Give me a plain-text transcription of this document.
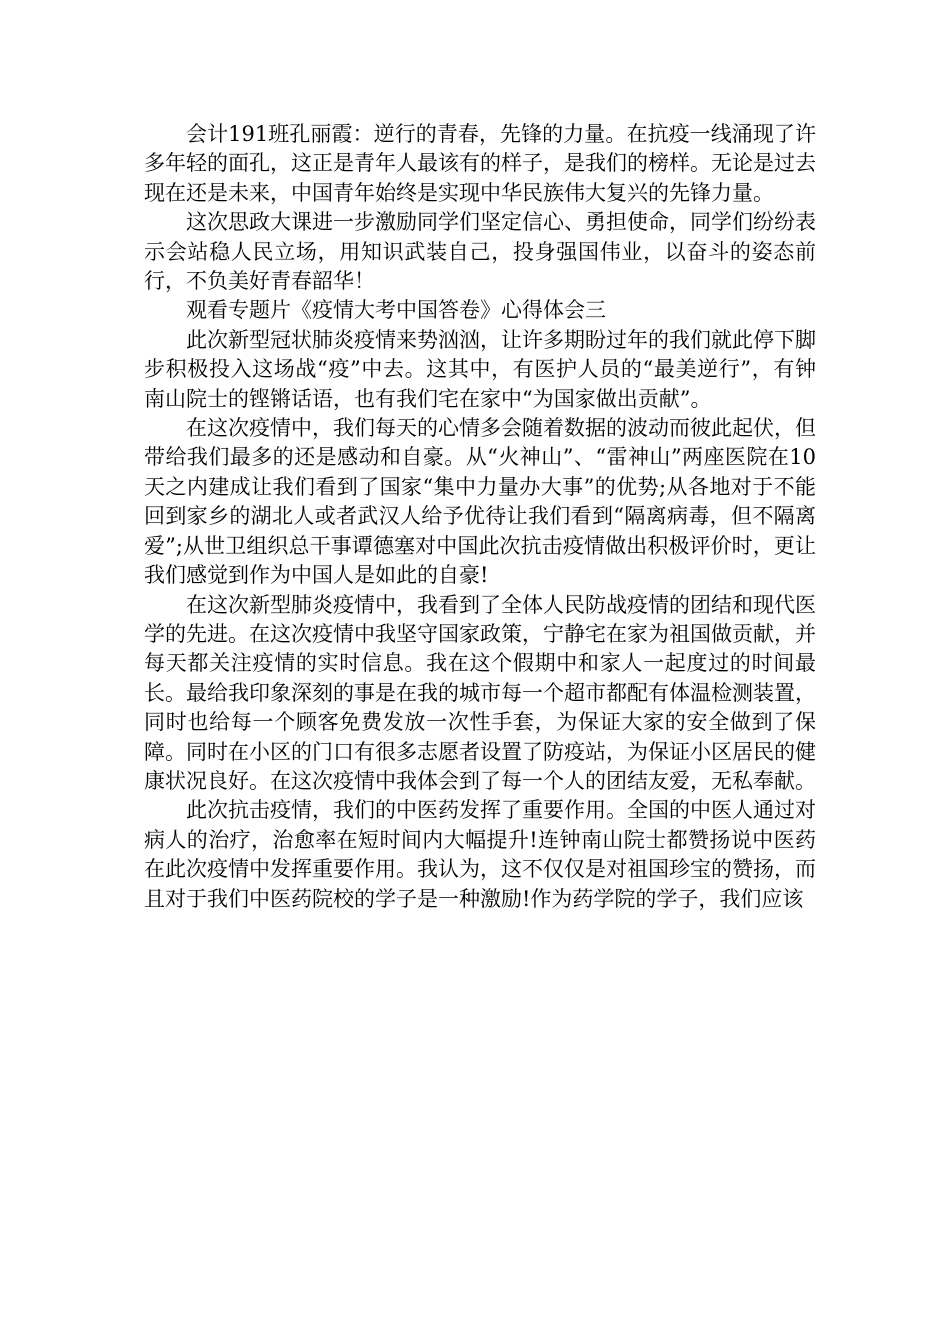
会计191班孔丽霞：逆行的青春，先锋的力量。在抗疫一线涌现了许多年轻的面孔，这正是青年人最该有的样子，是我们的榜样。无论是过去现在还是未来，中国青年始终是实现中华民族伟大复兴的先锋力量。

这次思政大课进一步激励同学们坚定信心、勇担使命，同学们纷纷表示会站稳人民立场，用知识武装自己，投身强国伟业，以奋斗的姿态前行，不负美好青春韶华！

观看专题片《疫情大考中国答卷》心得体会三

此次新型冠状肺炎疫情来势汹汹，让许多期盼过年的我们就此停下脚步积极投入这场战“疫”中去。这其中，有医护人员的“最美逆行”，有钟南山院士的铿锵话语，也有我们宅在家中“为国家做出贡献”。

在这次疫情中，我们每天的心情多会随着数据的波动而彼此起伏，但带给我们最多的还是感动和自豪。从“火神山”、“雷神山”两座医院在10天之内建成让我们看到了国家“集中力量办大事”的优势;从各地对于不能回到家乡的湖北人或者武汉人给予优待让我们看到“隔离病毒，但不隔离爱”;从世卫组织总干事谭德塞对中国此次抗击疫情做出积极评价时，更让我们感觉到作为中国人是如此的自豪!

在这次新型肺炎疫情中，我看到了全体人民防战疫情的团结和现代医学的先进。在这次疫情中我坚守国家政策，宁静宅在家为祖国做贡献，并每天都关注疫情的实时信息。我在这个假期中和家人一起度过的时间最长。最给我印象深刻的事是在我的城市每一个超市都配有体温检测装置，同时也给每一个顾客免费发放一次性手套，为保证大家的安全做到了保障。同时在小区的门口有很多志愿者设置了防疫站，为保证小区居民的健康状况良好。在这次疫情中我体会到了每一个人的团结友爱，无私奉献。

此次抗击疫情，我们的中医药发挥了重要作用。全国的中医人通过对病人的治疗，治愈率在短时间内大幅提升!连钟南山院士都赞扬说中医药在此次疫情中发挥重要作用。我认为，这不仅仅是对祖国珍宝的赞扬，而且对于我们中医药院校的学子是一种激励!作为药学院的学子，我们应该
